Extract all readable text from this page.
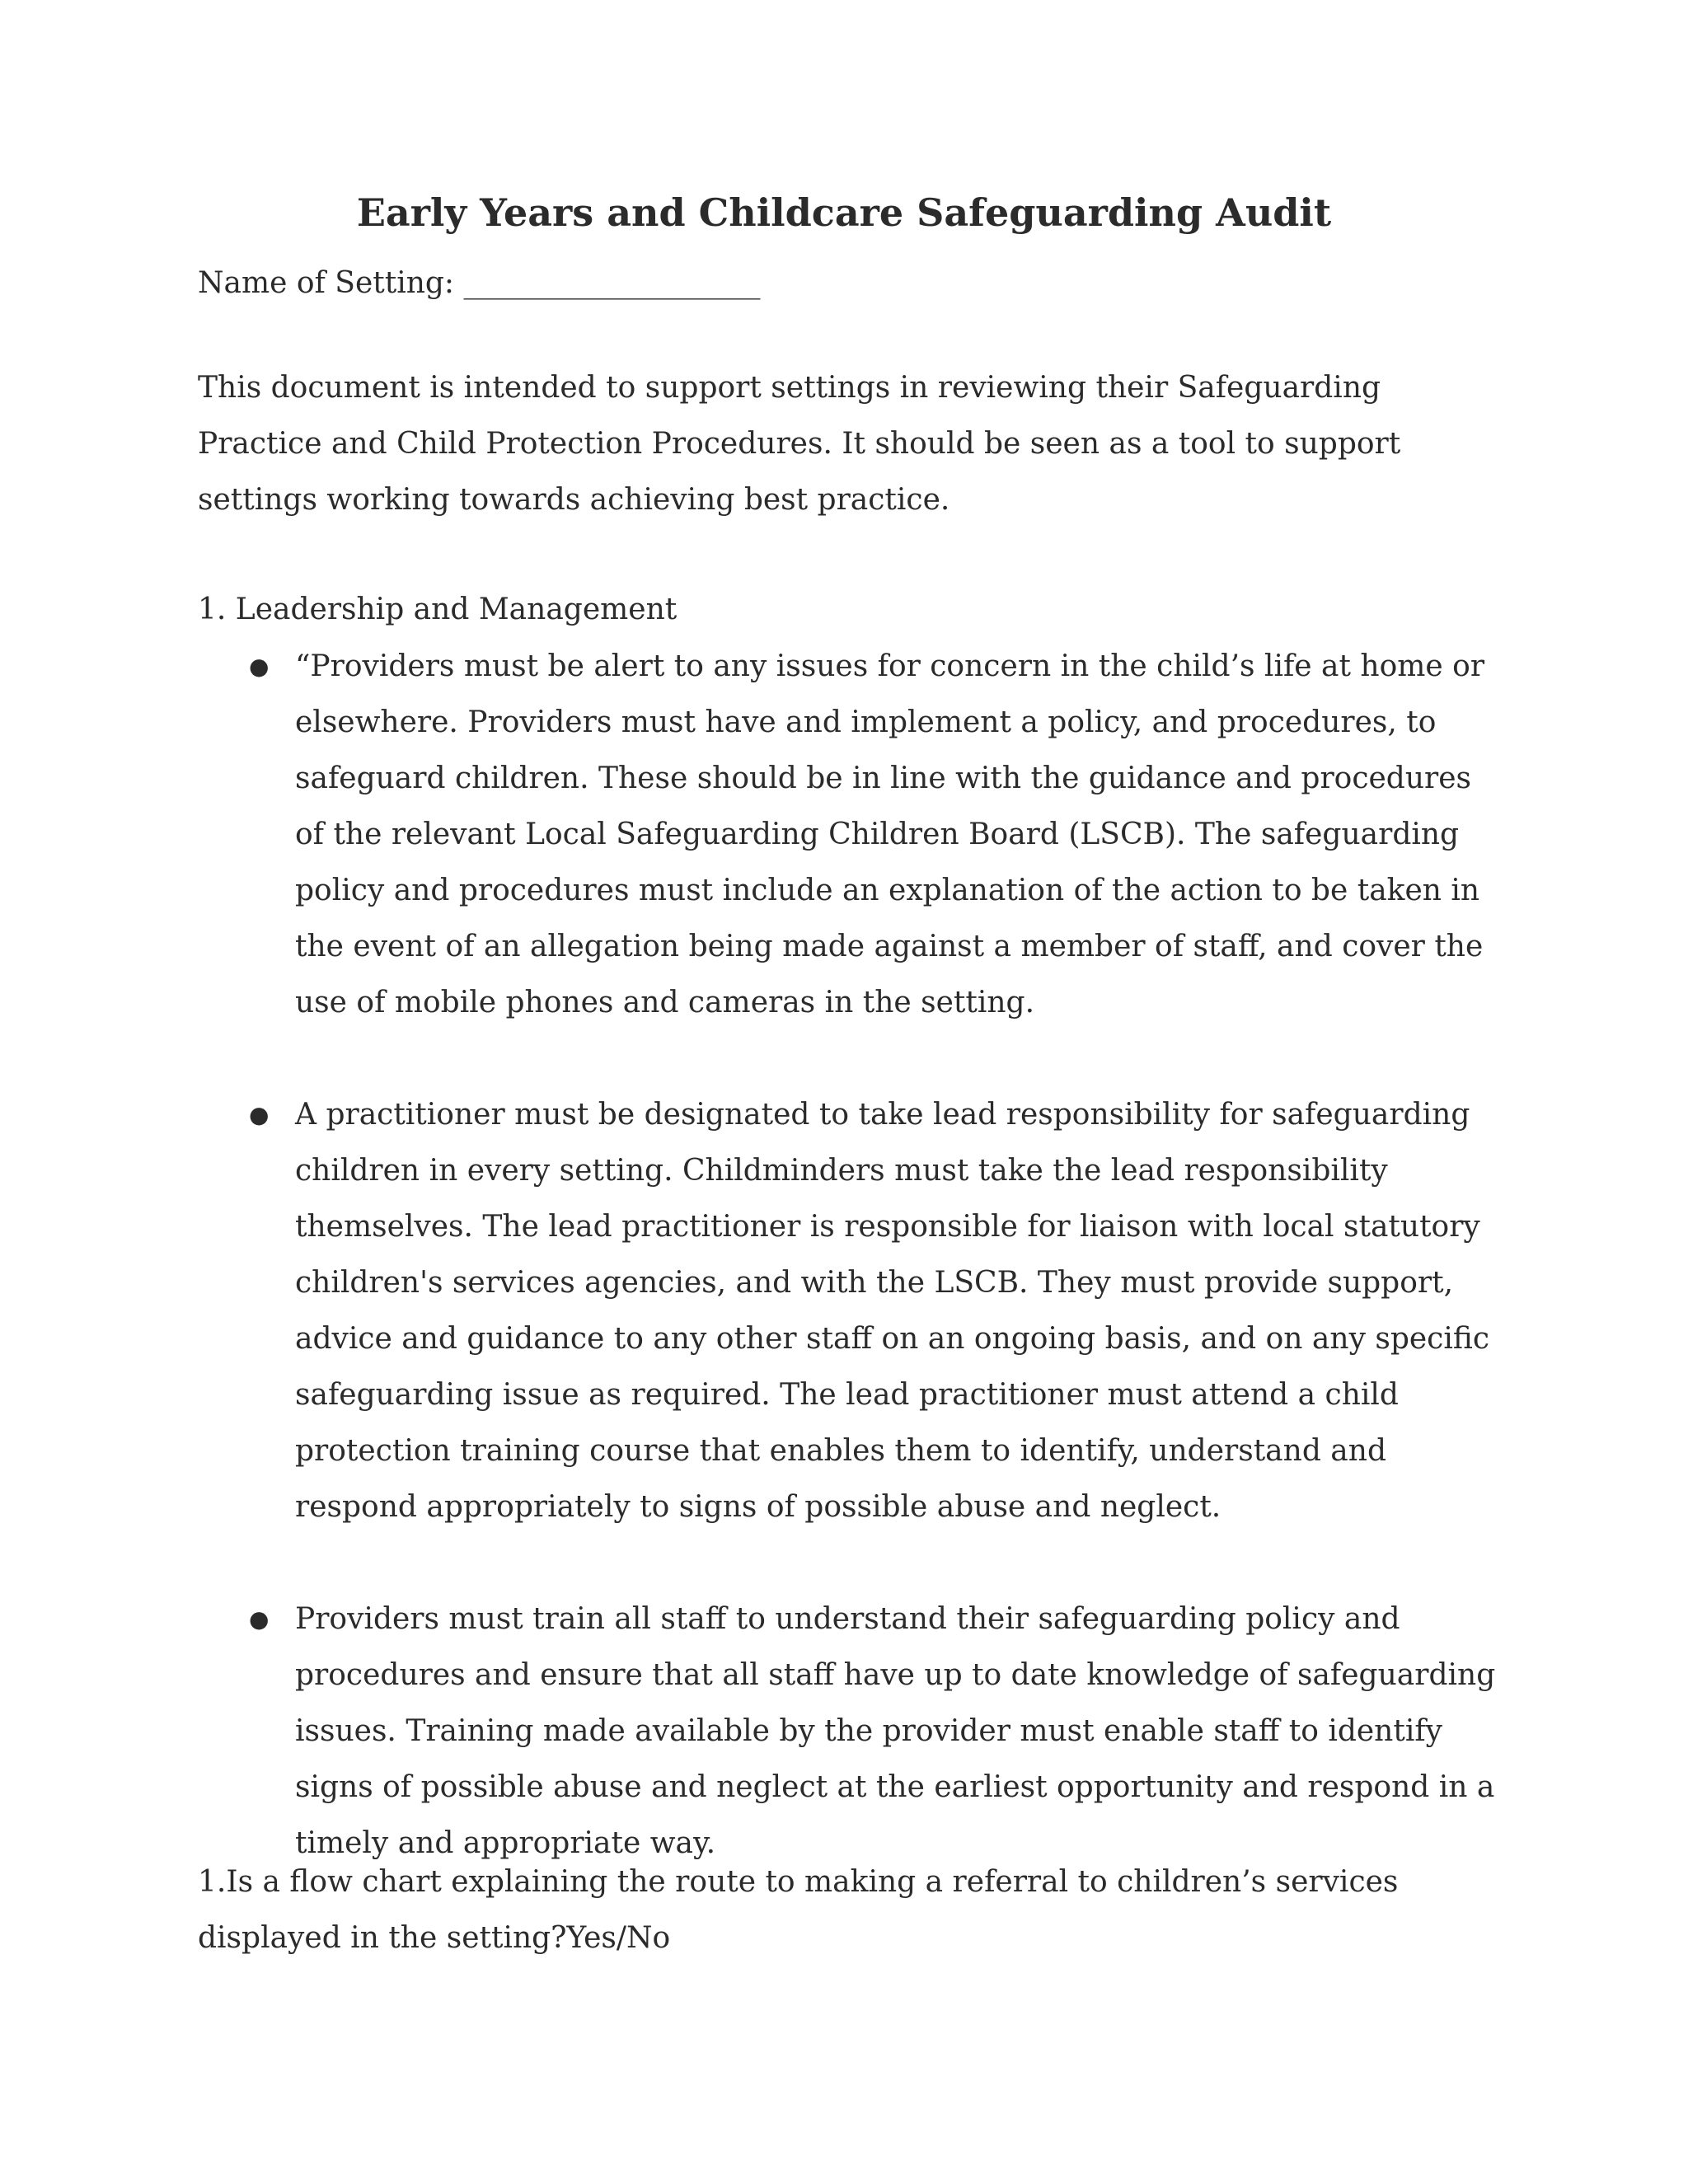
Early Years and Childcare Safeguarding Audit
Name of Setting: ____________________
This document is intended to support settings in reviewing their Safeguarding Practice and Child Protection Procedures. It should be seen as a tool to support settings working towards achieving best practice.
1. Leadership and Management
● “Providers must be alert to any issues for concern in the child’s life at home or elsewhere. Providers must have and implement a policy, and procedures, to safeguard children. These should be in line with the guidance and procedures of the relevant Local Safeguarding Children Board (LSCB). The safeguarding policy and procedures must include an explanation of the action to be taken in the event of an allegation being made against a member of staff, and cover the use of mobile phones and cameras in the setting.
● A practitioner must be designated to take lead responsibility for safeguarding children in every setting. Childminders must take the lead responsibility themselves. The lead practitioner is responsible for liaison with local statutory children's services agencies, and with the LSCB. They must provide support, advice and guidance to any other staff on an ongoing basis, and on any specific safeguarding issue as required. The lead practitioner must attend a child protection training course that enables them to identify, understand and respond appropriately to signs of possible abuse and neglect.
● Providers must train all staff to understand their safeguarding policy and procedures and ensure that all staff have up to date knowledge of safeguarding issues. Training made available by the provider must enable staff to identify signs of possible abuse and neglect at the earliest opportunity and respond in a timely and appropriate way.
1.Is a flow chart explaining the route to making a referral to children’s services displayed in the setting?Yes/No
